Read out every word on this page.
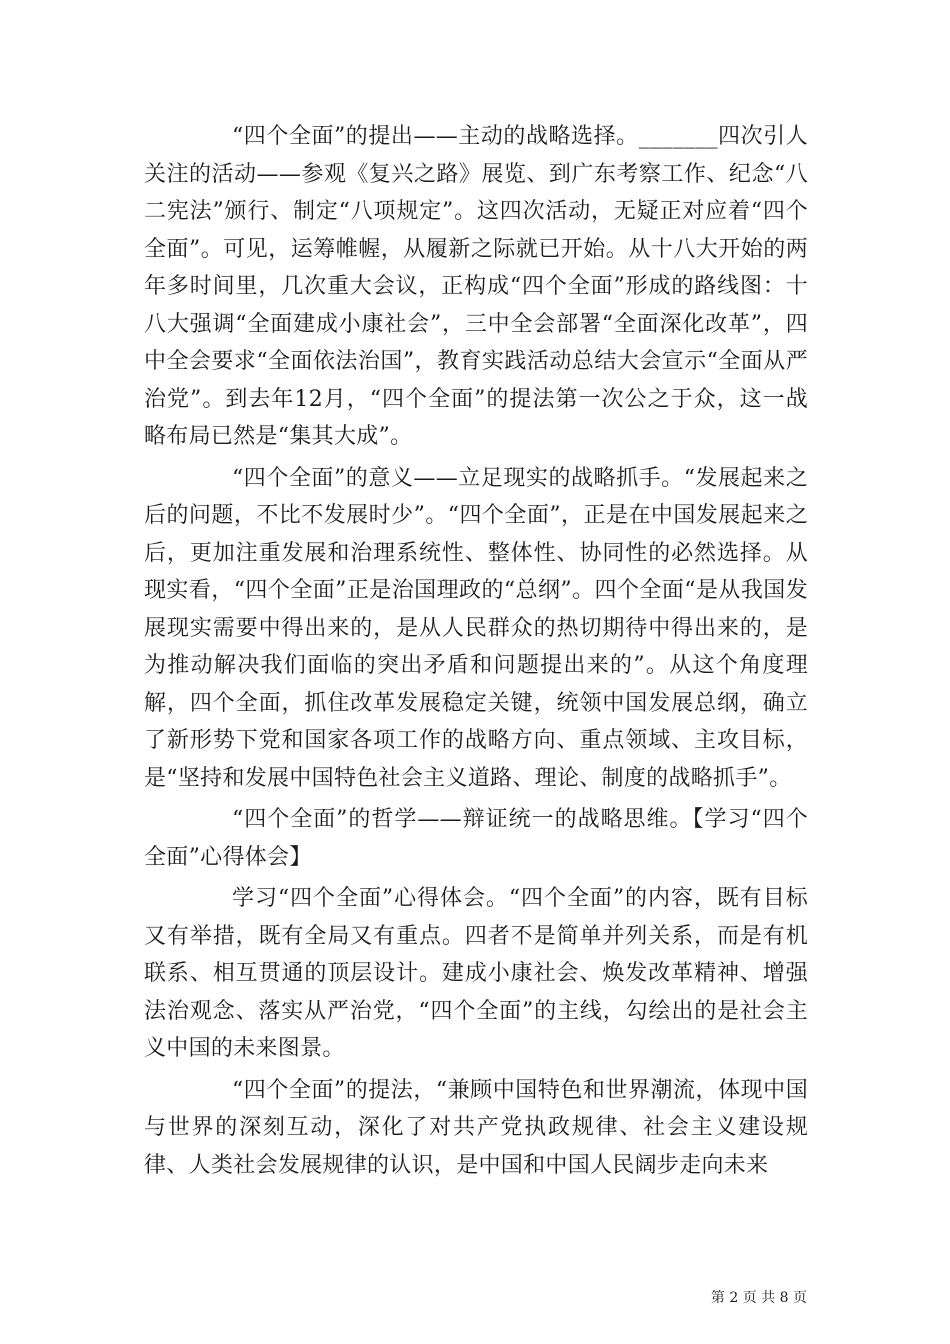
“四个全面”的提出——主动的战略选择。_______四次引人关注的活动——参观《复兴之路》展览、到广东考察工作、纪念“八二宪法”颁行、制定“八项规定”。这四次活动，无疑正对应着“四个全面”。可见，运筹帷幄，从履新之际就已开始。从十八大开始的两年多时间里，几次重大会议，正构成“四个全面”形成的路线图：十八大强调“全面建成小康社会”，三中全会部署“全面深化改革”，四中全会要求“全面依法治国”，教育实践活动总结大会宣示“全面从严治党”。到去年12月，“四个全面”的提法第一次公之于众，这一战略布局已然是“集其大成”。

“四个全面”的意义——立足现实的战略抓手。“发展起来之后的问题，不比不发展时少”。“四个全面”，正是在中国发展起来之后，更加注重发展和治理系统性、整体性、协同性的必然选择。从现实看，“四个全面”正是治国理政的“总纲”。四个全面“是从我国发展现实需要中得出来的，是从人民群众的热切期待中得出来的，是为推动解决我们面临的突出矛盾和问题提出来的”。从这个角度理解，四个全面，抓住改革发展稳定关键，统领中国发展总纲，确立了新形势下党和国家各项工作的战略方向、重点领域、主攻目标，是“坚持和发展中国特色社会主义道路、理论、制度的战略抓手”。

“四个全面”的哲学——辩证统一的战略思维。【学习“四个全面”心得体会】

学习“四个全面”心得体会。“四个全面”的内容，既有目标又有举措，既有全局又有重点。四者不是简单并列关系，而是有机联系、相互贯通的顶层设计。建成小康社会、焕发改革精神、增强法治观念、落实从严治党，“四个全面”的主线，勾绘出的是社会主义中国的未来图景。

“四个全面”的提法，“兼顾中国特色和世界潮流，体现中国与世界的深刻互动，深化了对共产党执政规律、社会主义建设规律、人类社会发展规律的认识，是中国和中国人民阔步走向未来

第 2 页 共 8 页
